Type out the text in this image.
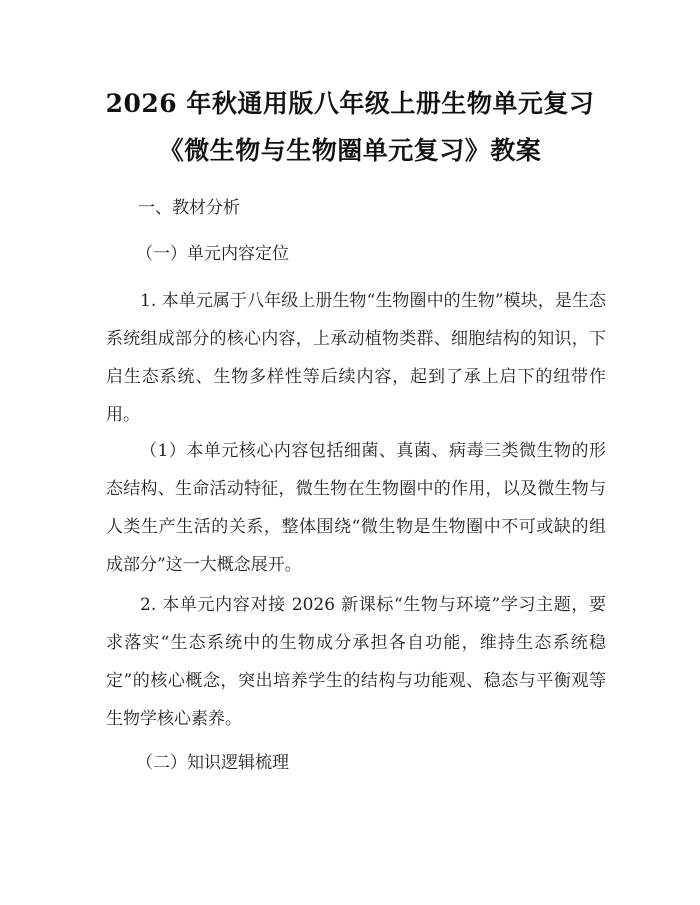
2026 年秋通用版八年级上册生物单元复习
《微生物与生物圈单元复习》教案
一、教材分析
（一）单元内容定位
1. 本单元属于八年级上册生物“生物圈中的生物”模块，是生态系统组成部分的核心内容，上承动植物类群、细胞结构的知识，下启生态系统、生物多样性等后续内容，起到了承上启下的纽带作用。
（1）本单元核心内容包括细菌、真菌、病毒三类微生物的形态结构、生命活动特征，微生物在生物圈中的作用，以及微生物与人类生产生活的关系，整体围绕“微生物是生物圈中不可或缺的组成部分”这一大概念展开。
2. 本单元内容对接 2026 新课标“生物与环境”学习主题，要求落实“生态系统中的生物成分承担各自功能，维持生态系统稳定”的核心概念，突出培养学生的结构与功能观、稳态与平衡观等生物学核心素养。
（二）知识逻辑梳理
